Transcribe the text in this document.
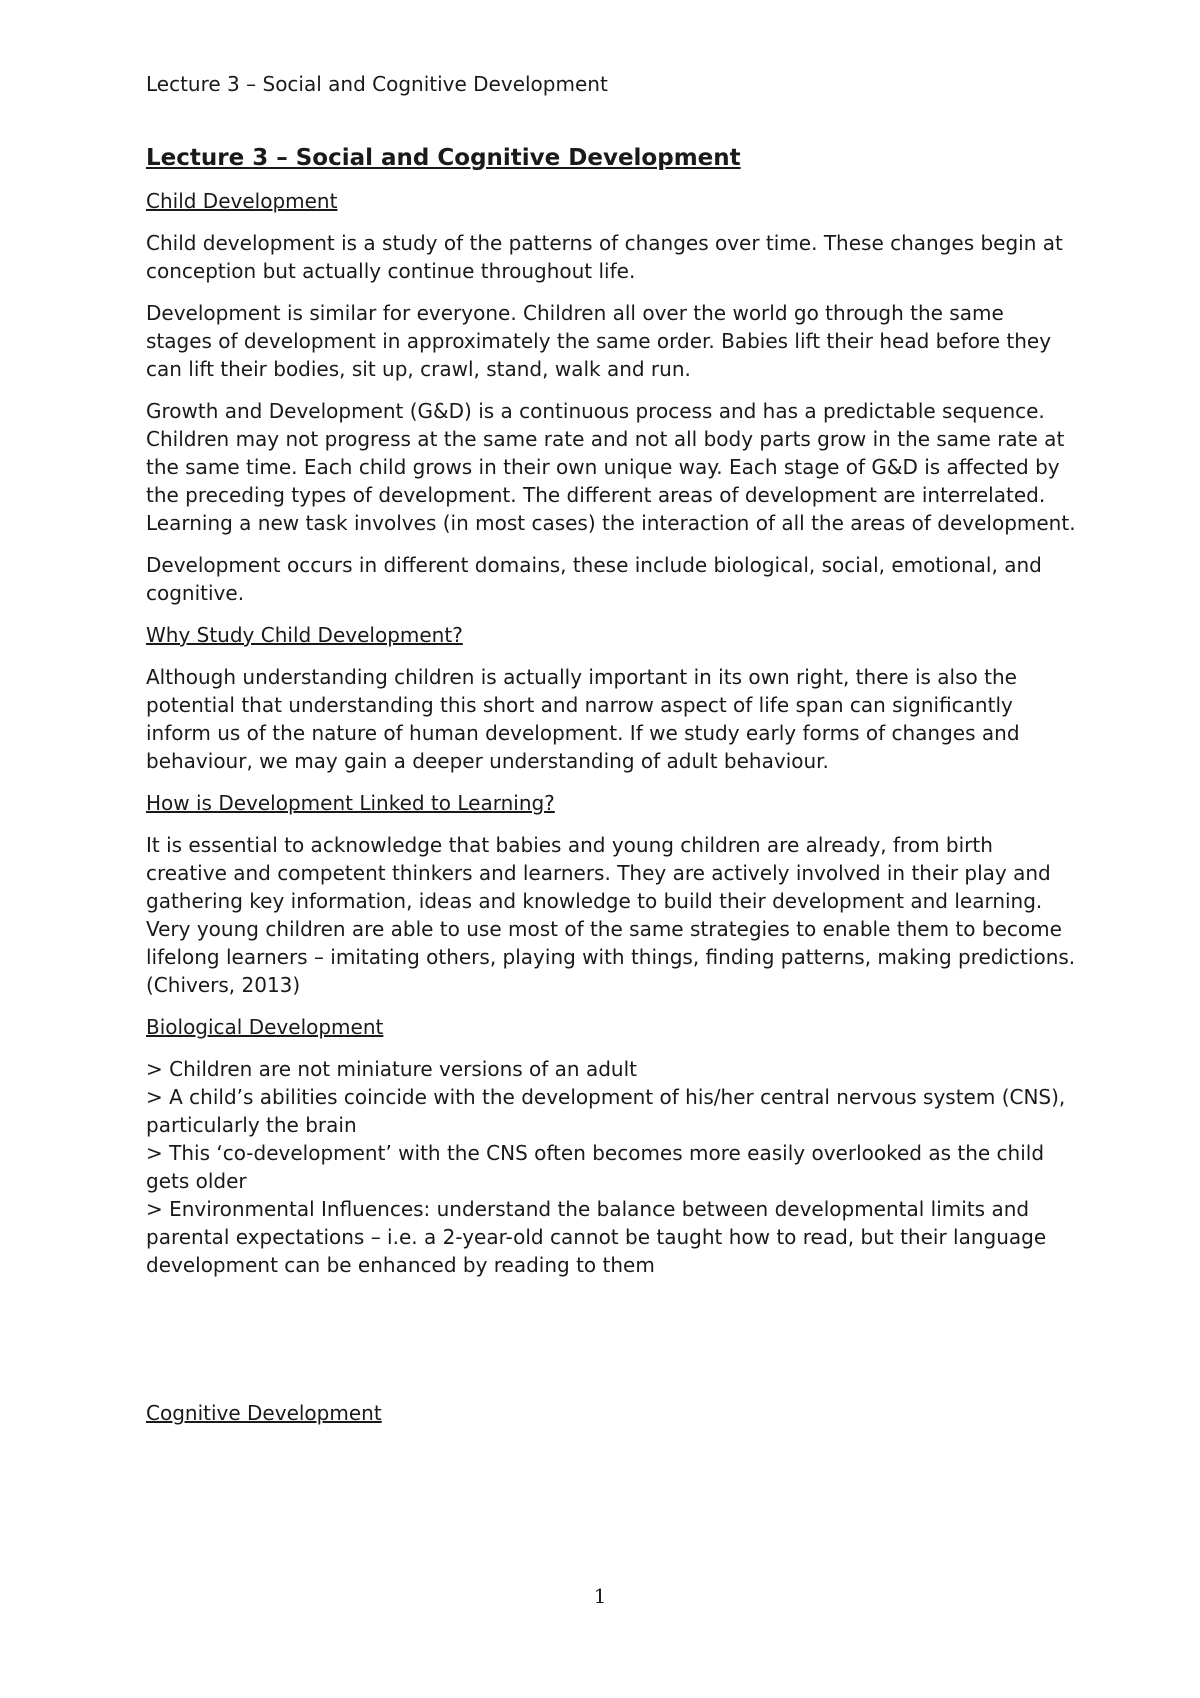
Lecture 3 – Social and Cognitive Development
Lecture 3 – Social and Cognitive Development
Child Development

Child development is a study of the patterns of changes over time. These changes begin at conception but actually continue throughout life.

Development is similar for everyone. Children all over the world go through the same stages of development in approximately the same order. Babies lift their head before they can lift their bodies, sit up, crawl, stand, walk and run.

Growth and Development (G&D) is a continuous process and has a predictable sequence. Children may not progress at the same rate and not all body parts grow in the same rate at the same time. Each child grows in their own unique way. Each stage of G&D is affected by the preceding types of development. The different areas of development are interrelated. Learning a new task involves (in most cases) the interaction of all the areas of development.

Development occurs in different domains, these include biological, social, emotional, and cognitive.

Why Study Child Development?

Although understanding children is actually important in its own right, there is also the potential that understanding this short and narrow aspect of life span can significantly inform us of the nature of human development. If we study early forms of changes and behaviour, we may gain a deeper understanding of adult behaviour.

How is Development Linked to Learning?
It is essential to acknowledge that babies and young children are already, from birth creative and competent thinkers and learners. They are actively involved in their play and gathering key information, ideas and knowledge to build their development and learning.
Very young children are able to use most of the same strategies to enable them to become lifelong learners – imitating others, playing with things, finding patterns, making predictions. (Chivers, 2013)
Biological Development
> Children are not miniature versions of an adult
> A child’s abilities coincide with the development of his/her central nervous system (CNS), particularly the brain
> This ‘co-development’ with the CNS often becomes more easily overlooked as the child gets older
> Environmental Influences: understand the balance between developmental limits and parental expectations – i.e. a 2-year-old cannot be taught how to read, but their language development can be enhanced by reading to them
Cognitive Development
1
